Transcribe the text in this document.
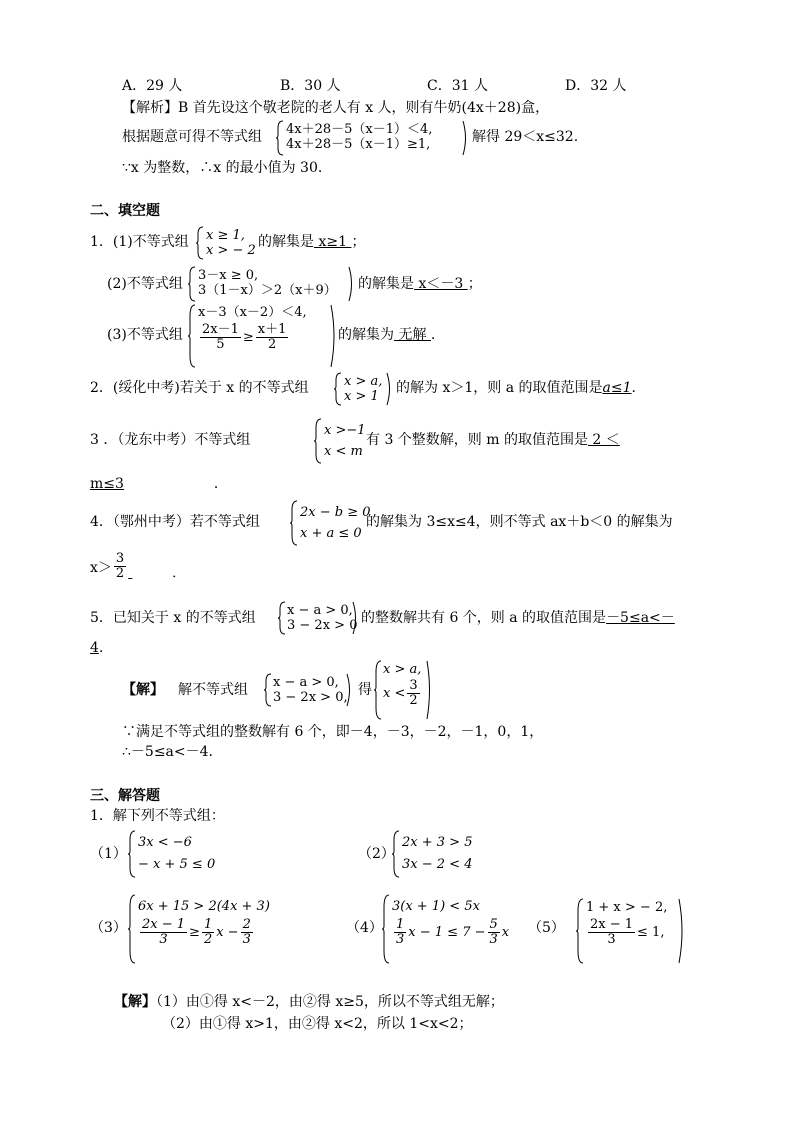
A．29 人	B．30 人	C．31 人	D．32 人
【解析】B 首先设这个敬老院的老人有 x 人，则有牛奶(4x＋28)盒，
根据题意可得不等式组 4x＋28－5（x－1）＜4,
4x＋28－5（x－1）≥1,	解得 29＜x≤32.
∵x 为整数，∴x 的最小值为 30.
二、填空题
1．(1)不等式组 x ≥ 1,
x > − 2
的解集是 x≥1 ；
(2)不等式组
3－x ≥ 0,
3（1－x）＞2（x＋9） 的解集是 x＜－3 ；
(3)不等式组
x－3（x－2）＜4,
$\frac{2x-1}{5} \ge \frac{x+1}{2}$	的解集为 无解 .
2．(绥化中考)若关于 x 的不等式组	x > a,
x > 1
的解为 x＞1，则 a 的取值范围是a≤1.
3 ．（龙东中考）不等式组
x >−1
x < m
有 3 个整数解，则 m 的取值范围是 2 ＜
m≤3	．
4．（鄂州中考）若不等式组
2x − b ≥ 0
x + a ≤ 0
的解集为 3≤x≤4，则不等式 ax＋b＜0 的解集为
$x> \frac{3}{2}$
	．
5．已知关于 x 的不等式组 x − a > 0,
3 − 2x > 0 的整数解共有 6 个，则 a 的取值范围是－5≤a<－
4.
【解】 解不等式组 x − a > 0,
3 − 2x > 0, 得
x > a,
$x < \frac{3}{2}$
∵满足不等式组的整数解有 6 个，即－4，－3，－2，－1，0，1，
∴－5≤a<－4.
三、解答题
1．解下列不等式组：
（1）
3x < −6
− x + 5 ≤ 0
（2）
2x + 3 > 5
3x − 2 < 4
（3）
6x + 15 > 2(4x + 3)
$\frac{2x - 1}{3} \ge \frac{1}{2}$ $x - \frac{2}{3}$	（4）
3(x + 1) < 5x
$\frac{1}{3}$ $x - 1 \le 7 - \frac{5}{3}$ x （5）
1 + x > − 2,
$\frac{2x - 1}{3} \le 1$,
【解】（1）由①得 x<－2，由②得 x≥5，所以不等式组无解；
（2）由①得 x>1，由②得 x<2，所以 1<x<2；
